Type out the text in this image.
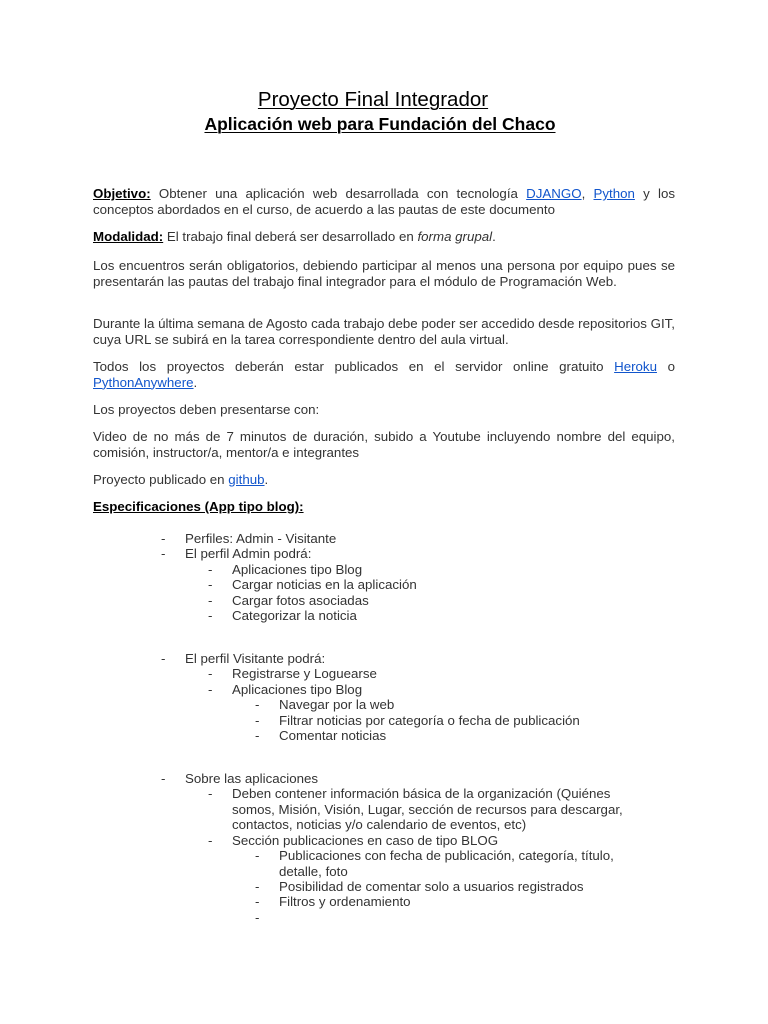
Proyecto Final Integrador
Aplicación web para Fundación del Chaco

Objetivo: Obtener una aplicación web desarrollada con tecnología DJANGO, Python y los conceptos abordados en el curso, de acuerdo a las pautas de este documento

Modalidad: El trabajo final deberá ser desarrollado en forma grupal.

Los encuentros serán obligatorios, debiendo participar al menos una persona por equipo pues se presentarán las pautas del trabajo final integrador para el módulo de Programación Web.

Durante la última semana de Agosto cada trabajo debe poder ser accedido desde repositorios GIT, cuya URL se subirá en la tarea correspondiente dentro del aula virtual.

Todos los proyectos deberán estar publicados en el servidor online gratuito Heroku o PythonAnywhere.

Los proyectos deben presentarse con:

Video de no más de 7 minutos de duración, subido a Youtube incluyendo nombre del equipo, comisión, instructor/a, mentor/a e integrantes

Proyecto publicado en github.

Especificaciones (App tipo blog):

- Perfiles: Admin - Visitante
- El perfil Admin podrá:
- Aplicaciones tipo Blog
- Cargar noticias en la aplicación
- Cargar fotos asociadas
- Categorizar la noticia
- El perfil Visitante podrá:
- Registrarse y Loguearse
- Aplicaciones tipo Blog
- Navegar por la web
- Filtrar noticias por categoría o fecha de publicación
- Comentar noticias
- Sobre las aplicaciones
- Deben contener información básica de la organización (Quiénes
somos, Misión, Visión, Lugar, sección de recursos para descargar,
contactos, noticias y/o calendario de eventos, etc)
- Sección publicaciones en caso de tipo BLOG
- Publicaciones con fecha de publicación, categoría, título,
detalle, foto
- Posibilidad de comentar solo a usuarios registrados
- Filtros y ordenamiento
-
